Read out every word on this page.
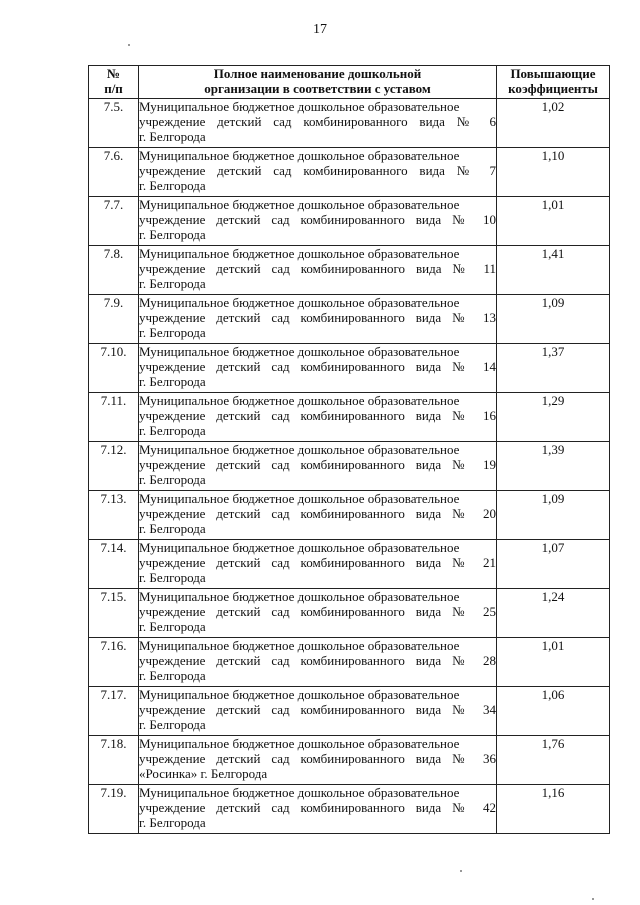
17
№
п/п	Полное наименование дошкольной
организации в соответствии с уставом	Повышающие
коэффициенты
7.5.	Муниципальное бюджетное дошкольное образовательное
учреждение детский сад комбинированного вида № 6
г. Белгорода	1,02
7.6.	Муниципальное бюджетное дошкольное образовательное
учреждение детский сад комбинированного вида № 7
г. Белгорода	1,10
7.7.	Муниципальное бюджетное дошкольное образовательное
учреждение детский сад комбинированного вида № 10
г. Белгорода	1,01
7.8.	Муниципальное бюджетное дошкольное образовательное
учреждение детский сад комбинированного вида № 11
г. Белгорода	1,41
7.9.	Муниципальное бюджетное дошкольное образовательное
учреждение детский сад комбинированного вида № 13
г. Белгорода	1,09
7.10.	Муниципальное бюджетное дошкольное образовательное
учреждение детский сад комбинированного вида № 14
г. Белгорода	1,37
7.11.	Муниципальное бюджетное дошкольное образовательное
учреждение детский сад комбинированного вида № 16
г. Белгорода	1,29
7.12.	Муниципальное бюджетное дошкольное образовательное
учреждение детский сад комбинированного вида № 19
г. Белгорода	1,39
7.13.	Муниципальное бюджетное дошкольное образовательное
учреждение детский сад комбинированного вида № 20
г. Белгорода	1,09
7.14.	Муниципальное бюджетное дошкольное образовательное
учреждение детский сад комбинированного вида № 21
г. Белгорода	1,07
7.15.	Муниципальное бюджетное дошкольное образовательное
учреждение детский сад комбинированного вида № 25
г. Белгорода	1,24
7.16.	Муниципальное бюджетное дошкольное образовательное
учреждение детский сад комбинированного вида № 28
г. Белгорода	1,01
7.17.	Муниципальное бюджетное дошкольное образовательное
учреждение детский сад комбинированного вида № 34
г. Белгорода	1,06
7.18.	Муниципальное бюджетное дошкольное образовательное
учреждение детский сад комбинированного вида № 36
«Росинка» г. Белгорода	1,76
7.19.	Муниципальное бюджетное дошкольное образовательное
учреждение детский сад комбинированного вида № 42
г. Белгорода	1,16
